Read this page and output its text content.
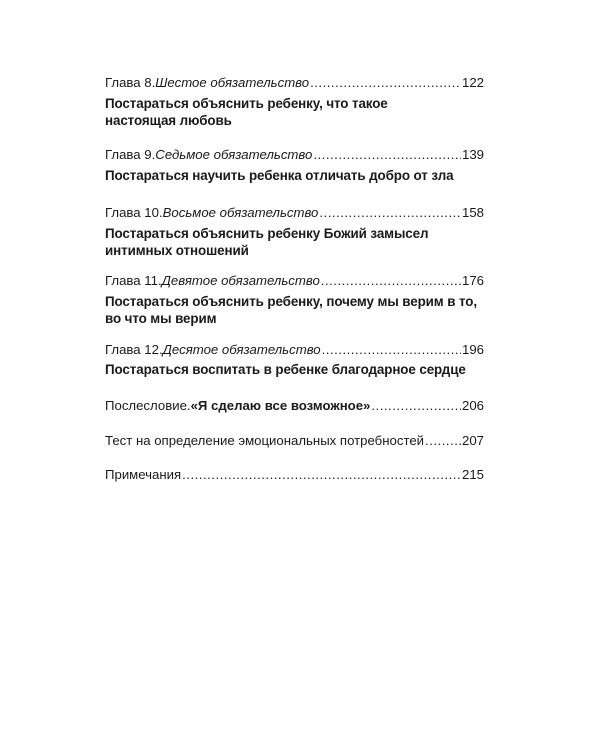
Глава 8. Шестое обязательство .....	122
Постараться объяснить ребенку, что такое
настоящая любовь
Глава 9. Седьмое обязательство .....	139
Постараться научить ребенка отличать добро от зла
Глава 10. Восьмое обязательство .....	158
Постараться объяснить ребенку Божий замысел
интимных отношений
Глава 11. Девятое обязательство .....	176
Постараться объяснить ребенку, почему мы верим в то,
во что мы верим
Глава 12. Десятое обязательство .....	196
Постараться воспитать в ребенке благодарное сердце
Послесловие. «Я сделаю все возможное» .....	206
Тест на определение эмоциональных потребностей .....	207
Примечания .....	215
